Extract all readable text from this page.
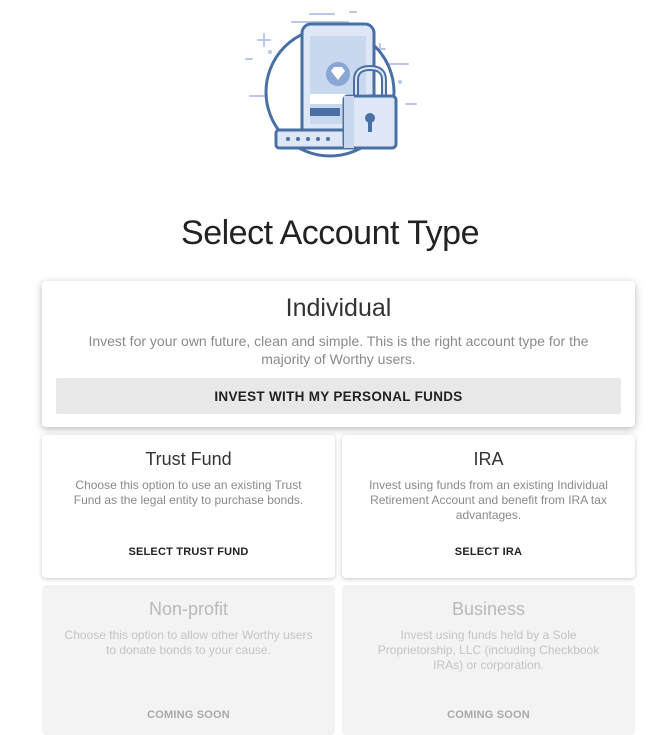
Select Account Type
Individual
Invest for your own future, clean and simple. This is the right account type for the majority of Worthy users.
INVEST WITH MY PERSONAL FUNDS
Trust Fund
Choose this option to use an existing Trust Fund as the legal entity to purchase bonds.
SELECT TRUST FUND
IRA
Invest using funds from an existing Individual Retirement Account and benefit from IRA tax advantages.
SELECT IRA
Non-profit
Choose this option to allow other Worthy users to donate bonds to your cause.
COMING SOON
Business
Invest using funds held by a Sole Proprietorship, LLC (including Checkbook IRAs) or corporation.
COMING SOON
